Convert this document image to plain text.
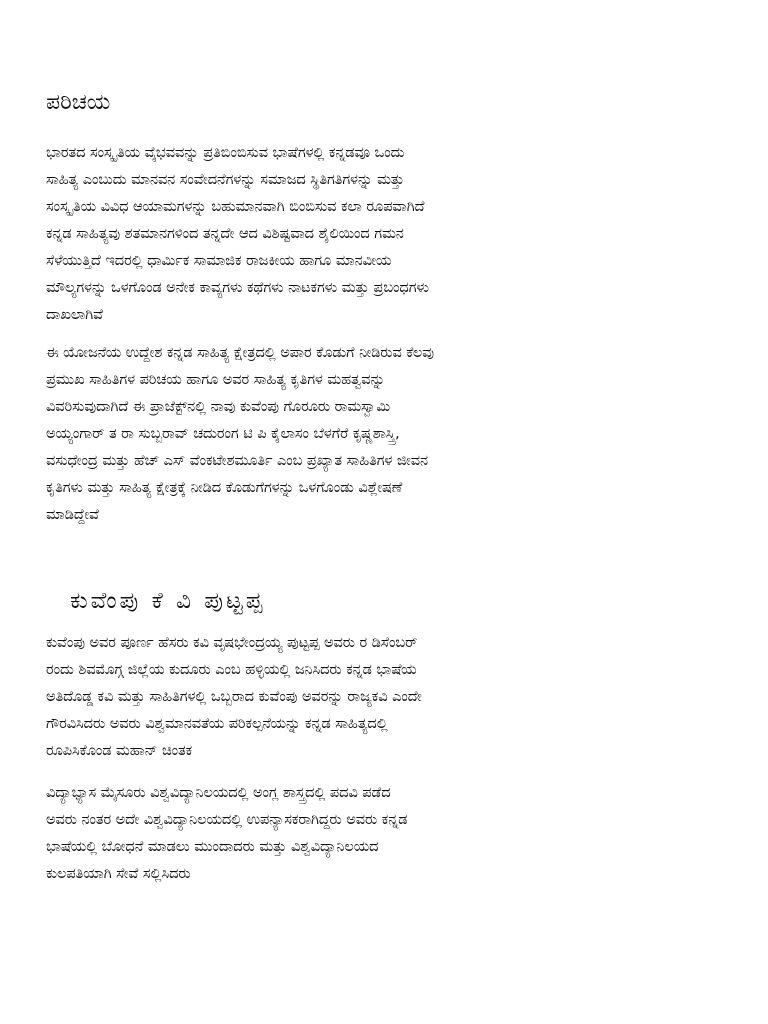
ಪರಿಚಯ

ಭಾರತದ ಸಂಸ್ಕೃತಿಯ ವೈಭವವನ್ನು ಪ್ರತಿಬಿಂಬಿಸುವ ಭಾಷೆಗಳಲ್ಲಿ ಕನ್ನಡವೂ ಒಂದು
ಸಾಹಿತ್ಯ ಎಂಬುದು ಮಾನವನ ಸಂವೇದನೆಗಳನ್ನು ಸಮಾಜದ ಸ್ಥಿತಿಗತಿಗಳನ್ನು ಮತ್ತು
ಸಂಸ್ಕೃತಿಯ ವಿವಿಧ ಆಯಾಮಗಳನ್ನು ಬಹುಮಾನವಾಗಿ ಬಿಂಬಿಸುವ ಕಲಾ ರೂಪವಾಗಿದೆ
ಕನ್ನಡ ಸಾಹಿತ್ಯವು ಶತಮಾನಗಳಿಂದ ತನ್ನದೇ ಆದ ವಿಶಿಷ್ಟವಾದ ಶೈಲಿಯಿಂದ ಗಮನ
ಸೆಳೆಯುತ್ತಿದೆ ಇದರಲ್ಲಿ ಧಾರ್ಮಿಕ ಸಾಮಾಜಿಕ ರಾಜಕೀಯ ಹಾಗೂ ಮಾನವೀಯ
ಮೌಲ್ಯಗಳನ್ನು ಒಳಗೊಂಡ ಅನೇಕ ಕಾವ್ಯಗಳು ಕಥೆಗಳು ನಾಟಕಗಳು ಮತ್ತು ಪ್ರಬಂಧಗಳು
ದಾಖಲಾಗಿವೆ

ಈ ಯೋಜನೆಯ ಉದ್ದೇಶ ಕನ್ನಡ ಸಾಹಿತ್ಯ ಕ್ಷೇತ್ರದಲ್ಲಿ ಅಪಾರ ಕೊಡುಗೆ ನೀಡಿರುವ ಕೆಲವು
ಪ್ರಮುಖ ಸಾಹಿತಿಗಳ ಪರಿಚಯ ಹಾಗೂ ಅವರ ಸಾಹಿತ್ಯ ಕೃತಿಗಳ ಮಹತ್ವವನ್ನು
ವಿವರಿಸುವುದಾಗಿದೆ ಈ ಪ್ರಾಜೆಕ್ಟ್‌ನಲ್ಲಿ ನಾವು ಕುವೆಂಪು ಗೊರೂರು ರಾಮಸ್ವಾಮಿ
ಅಯ್ಯಂಗಾರ್ ತ ರಾ ಸುಬ್ಬರಾವ್ ಚದುರಂಗ ಟಿ ಪಿ ಕೈಲಾಸಂ ಬೆಳಗೆರೆ ಕೃಷ್ಣಶಾಸ್ತ್ರಿ,
ವಸುಧೇಂದ್ರ ಮತ್ತು ಹೆಚ್ ಎಸ್ ವೆಂಕಟೇಶಮೂರ್ತಿ ಎಂಬ ಪ್ರಖ್ಯಾತ ಸಾಹಿತಿಗಳ ಜೀವನ
ಕೃತಿಗಳು ಮತ್ತು ಸಾಹಿತ್ಯ ಕ್ಷೇತ್ರಕ್ಕೆ ನೀಡಿದ ಕೊಡುಗೆಗಳನ್ನು ಒಳಗೊಂಡು ವಿಶ್ಲೇಷಣೆ
ಮಾಡಿದ್ದೇವೆ

ಕುವೆಂಪು ಕೆ ವಿ ಪುಟ್ಟಪ್ಪ

ಕುವೆಂಪು ಅವರ ಪೂರ್ಣ ಹೆಸರು ಕವಿ ವೃಷಭೇಂದ್ರಯ್ಯ ಪುಟ್ಟಪ್ಪ ಅವರು ರ ಡಿಸೆಂಬರ್
ರಂದು ಶಿವಮೊಗ್ಗ ಜಿಲ್ಲೆಯ ಕುದೂರು ಎಂಬ ಹಳ್ಳಿಯಲ್ಲಿ ಜನಿಸಿದರು ಕನ್ನಡ ಭಾಷೆಯ
ಅತಿದೊಡ್ಡ ಕವಿ ಮತ್ತು ಸಾಹಿತಿಗಳಲ್ಲಿ ಒಬ್ಬರಾದ ಕುವೆಂಪು ಅವರನ್ನು ರಾಜ್ಯಕವಿ ಎಂದೇ
ಗೌರವಿಸಿದರು ಅವರು ವಿಶ್ವಮಾನವತೆಯ ಪರಿಕಲ್ಪನೆಯನ್ನು ಕನ್ನಡ ಸಾಹಿತ್ಯದಲ್ಲಿ
ರೂಪಿಸಿಕೊಂಡ ಮಹಾನ್ ಚಿಂತಕ

ವಿದ್ಯಾಭ್ಯಾಸ ಮೈಸೂರು ವಿಶ್ವವಿದ್ಯಾನಿಲಯದಲ್ಲಿ ಅಂಗ್ಲ ಶಾಸ್ತ್ರದಲ್ಲಿ ಪದವಿ ಪಡೆದ
ಅವರು ನಂತರ ಅದೇ ವಿಶ್ವವಿದ್ಯಾನಿಲಯದಲ್ಲಿ ಉಪನ್ಯಾಸಕರಾಗಿದ್ದರು ಅವರು ಕನ್ನಡ
ಭಾಷೆಯಲ್ಲಿ ಬೋಧನೆ ಮಾಡಲು ಮುಂದಾದರು ಮತ್ತು ವಿಶ್ವವಿದ್ಯಾನಿಲಯದ
ಕುಲಪತಿಯಾಗಿ ಸೇವೆ ಸಲ್ಲಿಸಿದರು
